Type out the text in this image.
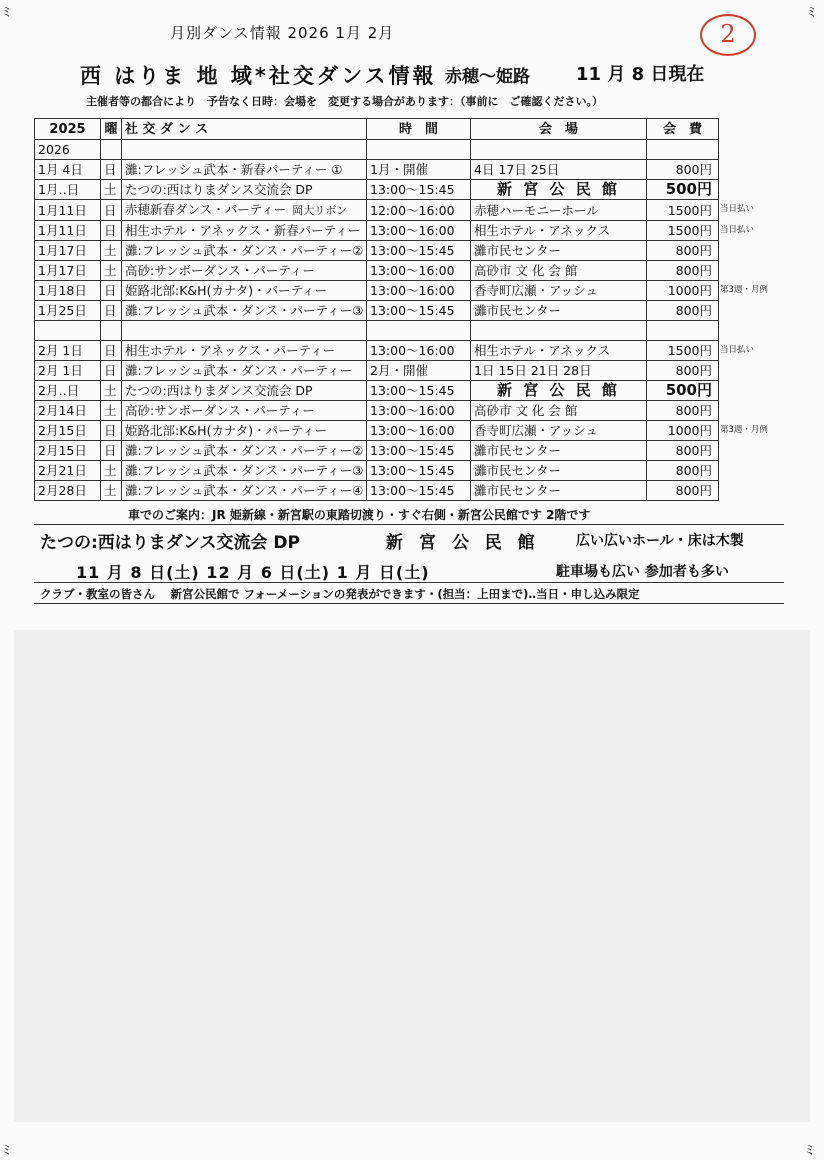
ﾐ	ﾐ
ﾐ	ﾐ
月別ダンス情報 2026 1月 2月	2
西 はりま 地 域*社交ダンス情報 赤穂〜姫路	11 月 8 日現在
主催者等の都合により　予告なく日時：会場を　変更する場合があります：（事前に　ご確認ください。）
2025	曜	社 交 ダ ン ス	時　間	会　場	会　費
2026					
1月 4日	日	灘:フレッシュ武本・新春パーティー ①	1月・開催	4日 17日 25日	800円
1月‥日	土	たつの:西はりまダンス交流会 DP	13:00〜15:45	新 宮 公 民 館	500円
1月11日	日	赤穂新春ダンス・パーティー 岡大リボン	12:00〜16:00	赤穂ハーモニーホール	1500円 当日払い

1月11日	日	相生ホテル・アネックス・新春パーティー	13:00〜16:00	相生ホテル・アネックス	1500円 当日払い

1月17日	土	灘:フレッシュ武本・ダンス・パーティー②	13:00〜15:45	灘市民センター	800円
1月17日	土	高砂:サンボーダンス・パーティー	13:00〜16:00	高砂市 文 化 会 館	800円
1月18日	日	姫路北部:K&H(カナタ)・パーティー	13:00〜16:00	香寺町広瀬・アッシュ	1000円 第3週・月例

1月25日	日	灘:フレッシュ武本・ダンス・パーティー③	13:00〜15:45	灘市民センター	800円

2月 1日	日	相生ホテル・アネックス・パーティー	13:00〜16:00	相生ホテル・アネックス	1500円 当日払い

2月 1日	日	灘:フレッシュ武本・ダンス・パーティー	2月・開催	1日 15日 21日 28日	800円
2月‥日	土	たつの:西はりまダンス交流会 DP	13:00〜15:45	新 宮 公 民 館	500円
2月14日	土	高砂:サンボーダンス・パーティー	13:00〜16:00	高砂市 文 化 会 館	800円
2月15日	日	姫路北部:K&H(カナタ)・パーティー	13:00〜16:00	香寺町広瀬・アッシュ	1000円 第3週・月例

2月15日	日	灘:フレッシュ武本・ダンス・パーティー②	13:00〜15:45	灘市民センター	800円
2月21日	土	灘:フレッシュ武本・ダンス・パーティー③	13:00〜15:45	灘市民センター	800円
2月28日	土	灘:フレッシュ武本・ダンス・パーティー④	13:00〜15:45	灘市民センター	800円
車でのご案内：JR 姫新線・新宮駅の東踏切渡り・すぐ右側・新宮公民館です 2階です
たつの:西はりまダンス交流会 DP	新 宮 公 民 館	広い広いホール・床は木製
11 月 8 日(土) 12 月 6 日(土) 1 月 日(土)	駐車場も広い 参加者も多い
クラブ・教室の皆さん　 新宮公民館で フォーメーションの発表ができます・(担当：上田まで)‥当日・申し込み限定
